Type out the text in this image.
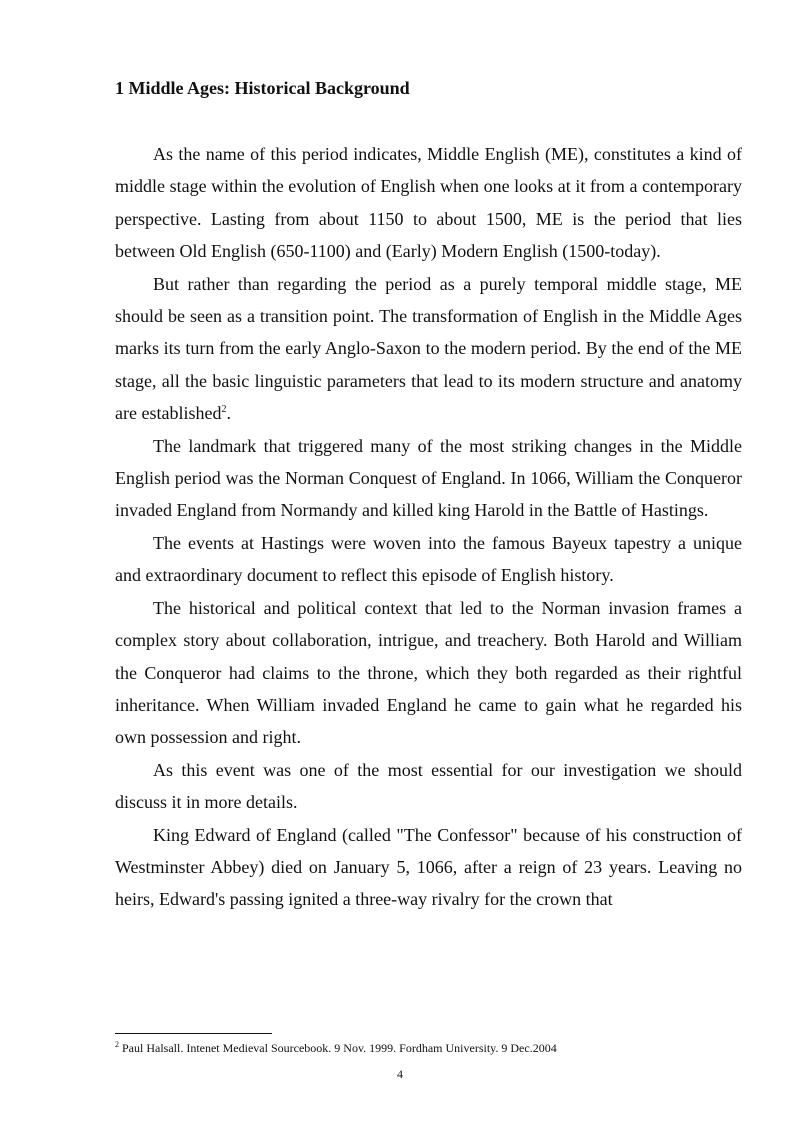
1 Middle Ages: Historical Background

As the name of this period indicates, Middle English (ME), constitutes a kind of middle stage within the evolution of English when one looks at it from a contemporary perspective. Lasting from about 1150 to about 1500, ME is the period that lies between Old English (650-1100) and (Early) Modern English (1500-today).

But rather than regarding the period as a purely temporal middle stage, ME should be seen as a transition point. The transformation of English in the Middle Ages marks its turn from the early Anglo-Saxon to the modern period. By the end of the ME stage, all the basic linguistic parameters that lead to its modern structure and anatomy are established$^2$.

The landmark that triggered many of the most striking changes in the Middle English period was the Norman Conquest of England. In 1066, William the Conqueror invaded England from Normandy and killed king Harold in the Battle of Hastings.

The events at Hastings were woven into the famous Bayeux tapestry a unique and extraordinary document to reflect this episode of English history.

The historical and political context that led to the Norman invasion frames a complex story about collaboration, intrigue, and treachery. Both Harold and William the Conqueror had claims to the throne, which they both regarded as their rightful inheritance. When William invaded England he came to gain what he regarded his own possession and right.

As this event was one of the most essential for our investigation we should discuss it in more details.

King Edward of England (called "The Confessor" because of his construction of Westminster Abbey) died on January 5, 1066, after a reign of 23 years. Leaving no heirs, Edward's passing ignited a three-way rivalry for the crown that

$^2$ Paul Halsall. Intenet Medieval Sourcebook. 9 Nov. 1999. Fordham University. 9 Dec.2004
4
